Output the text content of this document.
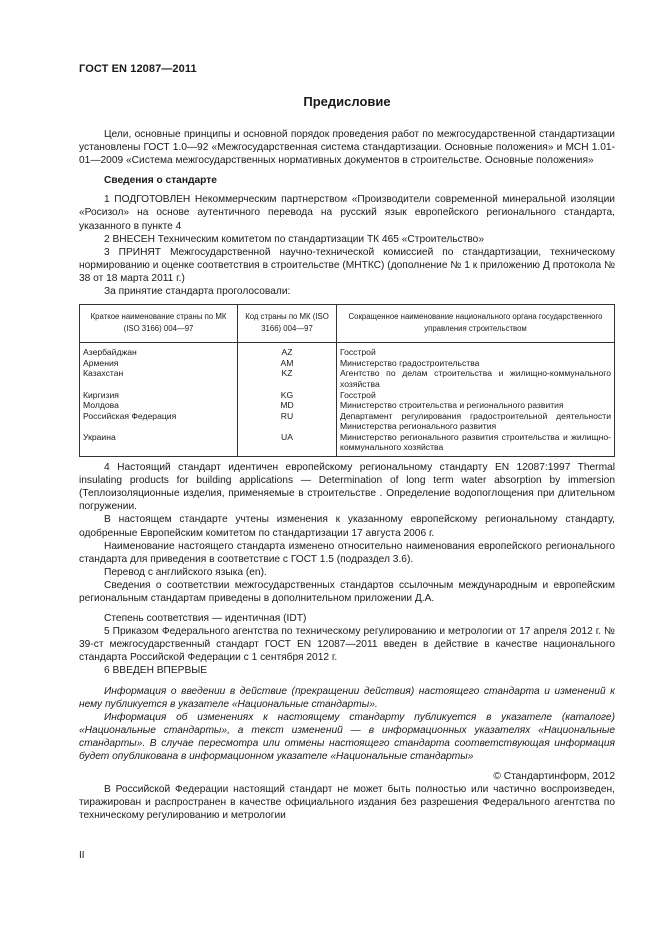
ГОСТ EN 12087—2011
Предисловие

Цели, основные принципы и основной порядок проведения работ по межгосударственной стандартизации установлены ГОСТ 1.0—92 «Межгосударственная система стандартизации. Основные положения» и МСН 1.01-01—2009 «Система межгосударственных нормативных документов в строительстве. Основные положения»

Сведения о стандарте

1 ПОДГОТОВЛЕН Некоммерческим партнерством «Производители современной минеральной изоляции «Росизол» на основе аутентичного перевода на русский язык европейского регионального стандарта, указанного в пункте 4

2 ВНЕСЕН Техническим комитетом по стандартизации ТК 465 «Строительство»

3 ПРИНЯТ Межгосударственной научно-технической комиссией по стандартизации, техническому нормированию и оценке соответствия в строительстве (МНТКС) (дополнение № 1 к приложению Д протокола № 38 от 18 марта 2011 г.)

За принятие стандарта проголосовали:

Краткое наименование страны по МК (ISO 3166) 004—97	Код страны по МК (ISO 3166) 004—97	Сокращенное наименование национального органа государственного управления строительством
Азербайджан	AZ	Госстрой
Армения	AM	Министерство градостроительства
Казахстан	KZ	Агентство по делам строительства и жилищно-коммунального хозяйства
Киргизия	KG	Госстрой
Молдова	MD	Министерство строительства и регионального развития
Российская Федерация	RU	Департамент регулирования градостроительной деятельности Министерства регионального развития
Украина	UA	Министерство регионального развития строительства и жилищно-коммунального хозяйства

4 Настоящий стандарт идентичен европейскому региональному стандарту EN 12087:1997 Thermal insulating products for building applications — Determination of long term water absorption by immersion (Теплоизоляционные изделия, применяемые в строительстве . Определение водопоглощения при длительном погружении.

В настоящем стандарте учтены изменения к указанному европейскому региональному стандарту, одобренные Европейским комитетом по стандартизации 17 августа 2006 г.

Наименование настоящего стандарта изменено относительно наименования европейского регионального стандарта для приведения в соответствие с ГОСТ 1.5 (подраздел 3.6).

Перевод с английского языка (en).

Сведения о соответствии межгосударственных стандартов ссылочным международным и европейским региональным стандартам приведены в дополнительном приложении Д.А.

Степень соответствия — идентичная (IDT)

5 Приказом Федерального агентства по техническому регулированию и метрологии от 17 апреля 2012 г. № 39-ст межгосударственный стандарт ГОСТ EN 12087—2011 введен в действие в качестве национального стандарта Российской Федерации с 1 сентября 2012 г.

6 ВВЕДЕН ВПЕРВЫЕ

Информация о введении в действие (прекращении действия) настоящего стандарта и изменений к нему публикуется в указателе «Национальные стандарты».

Информация об изменениях к настоящему стандарту публикуется в указателе (каталоге) «Национальные стандарты», а текст изменений — в информационных указателях «Национальные стандарты». В случае пересмотра или отмены настоящего стандарта соответствующая информация будет опубликована в информационном указателе «Национальные стандарты»

© Стандартинформ, 2012

В Российской Федерации настоящий стандарт не может быть полностью или частично воспроизведен, тиражирован и распространен в качестве официального издания без разрешения Федерального агентства по техническому регулированию и метрологии

II
